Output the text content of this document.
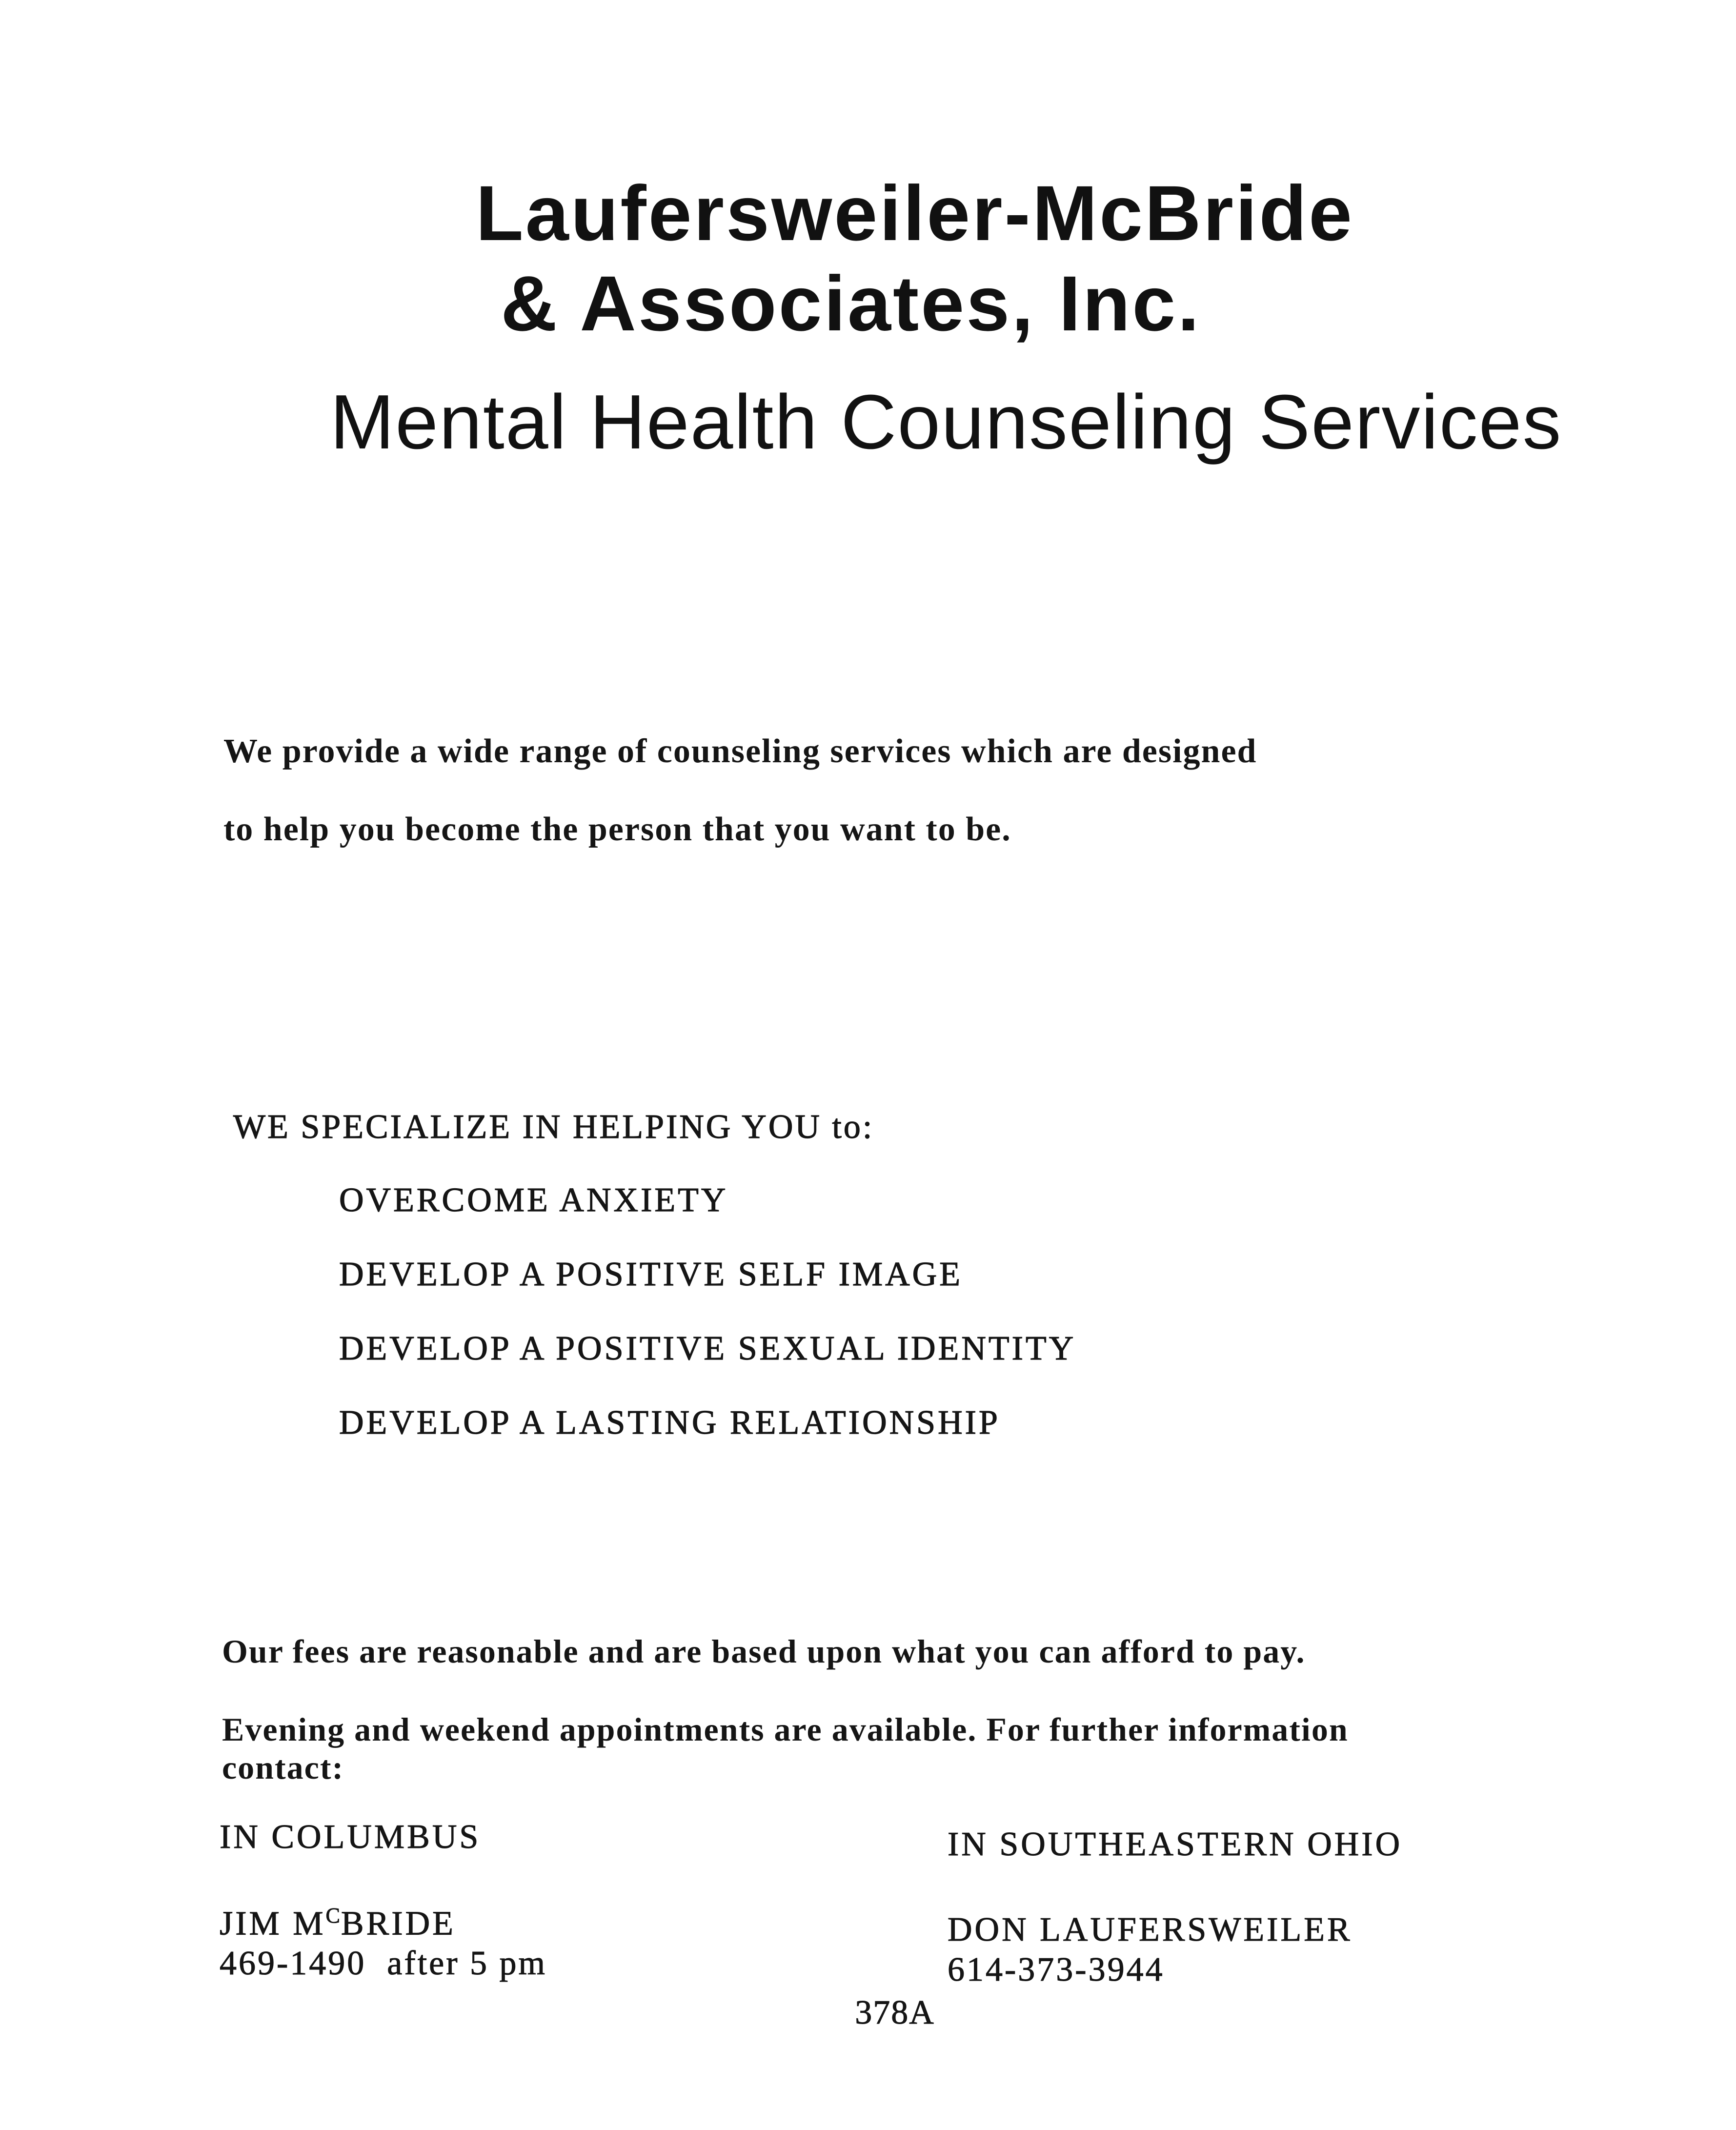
Laufersweiler-McBride
& Associates, Inc.
Mental Health Counseling Services
We provide a wide range of counseling services which are designed
to help you become the person that you want to be.
WE SPECIALIZE IN HELPING YOU to:
OVERCOME ANXIETY
DEVELOP A POSITIVE SELF IMAGE
DEVELOP A POSITIVE SEXUAL IDENTITY
DEVELOP A LASTING RELATIONSHIP
Our fees are reasonable and are based upon what you can afford to pay.
Evening and weekend appointments are available. For further information
contact:
IN COLUMBUS
JIM $M^CBRIDE$
469-1490  after 5 pm
IN SOUTHEASTERN OHIO
DON LAUFERSWEILER
614-373-3944
378A
